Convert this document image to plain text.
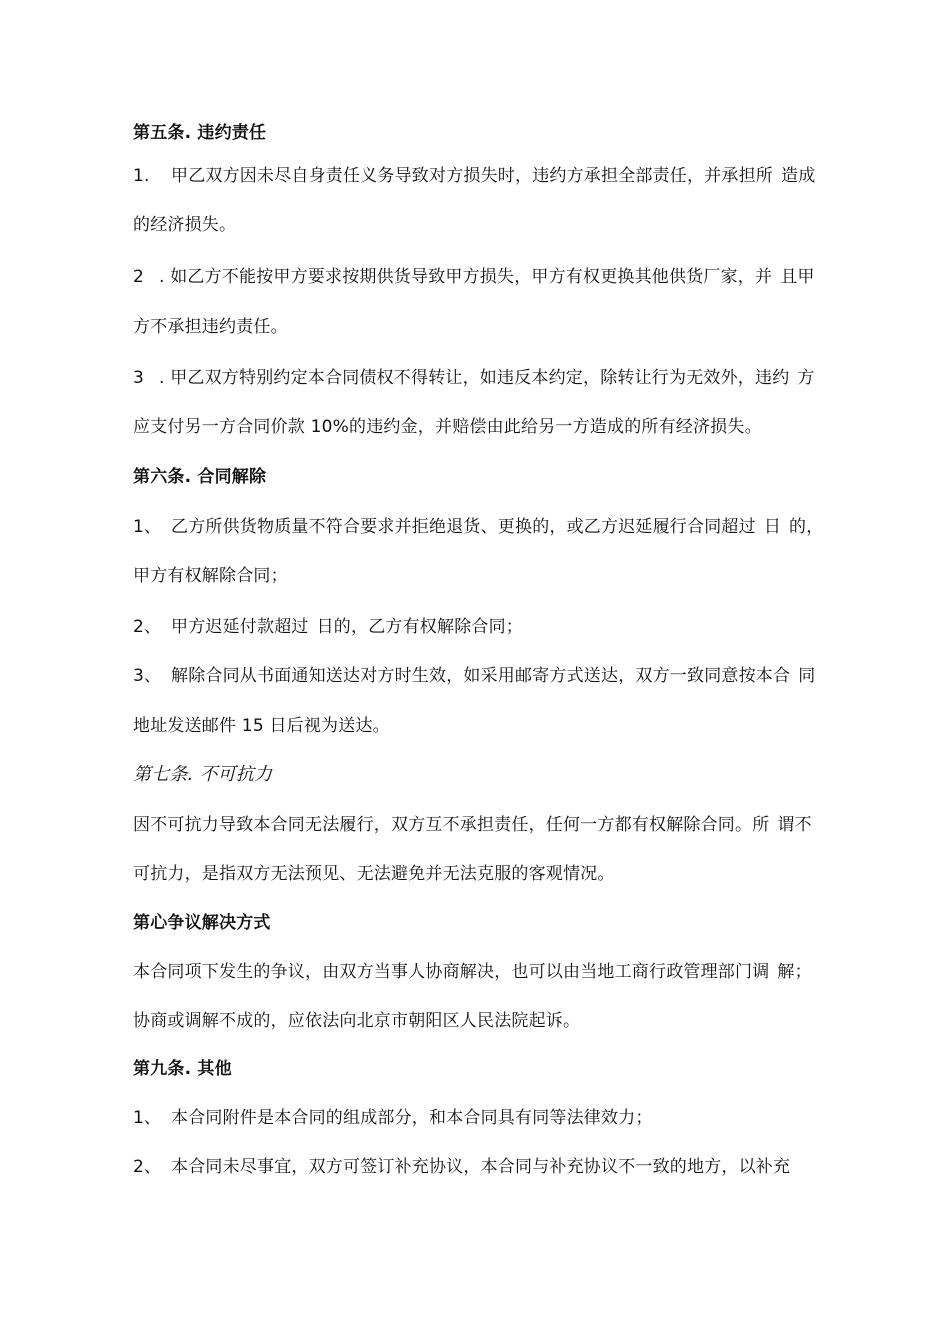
第五条. 违约责任
1. 甲乙双方因未尽自身责任义务导致对方损失时，违约方承担全部责任，并承担所 造成
的经济损失。
2 . 如乙方不能按甲方要求按期供货导致甲方损失，甲方有权更换其他供货厂家，并 且甲
方不承担违约责任。
3 . 甲乙双方特别约定本合同债权不得转让，如违反本约定，除转让行为无效外，违约 方
应支付另一方合同价款 10%的违约金，并赔偿由此给另一方造成的所有经济损失。
第六条. 合同解除
1、 乙方所供货物质量不符合要求并拒绝退货、更换的，或乙方迟延履行合同超过 日 的，
甲方有权解除合同；
2、 甲方迟延付款超过 日的，乙方有权解除合同；
3、 解除合同从书面通知送达对方时生效，如采用邮寄方式送达，双方一致同意按本合 同
地址发送邮件 15 日后视为送达。
第七条. 不可抗力
因不可抗力导致本合同无法履行，双方互不承担责任，任何一方都有权解除合同。所 谓不
可抗力，是指双方无法预见、无法避免并无法克服的客观情况。
第心争议解决方式
本合同项下发生的争议，由双方当事人协商解决，也可以由当地工商行政管理部门调 解；
协商或调解不成的，应依法向北京市朝阳区人民法院起诉。
第九条. 其他
1、 本合同附件是本合同的组成部分，和本合同具有同等法律效力；
2、 本合同未尽事宜，双方可签订补充协议，本合同与补充协议不一致的地方，以补充
